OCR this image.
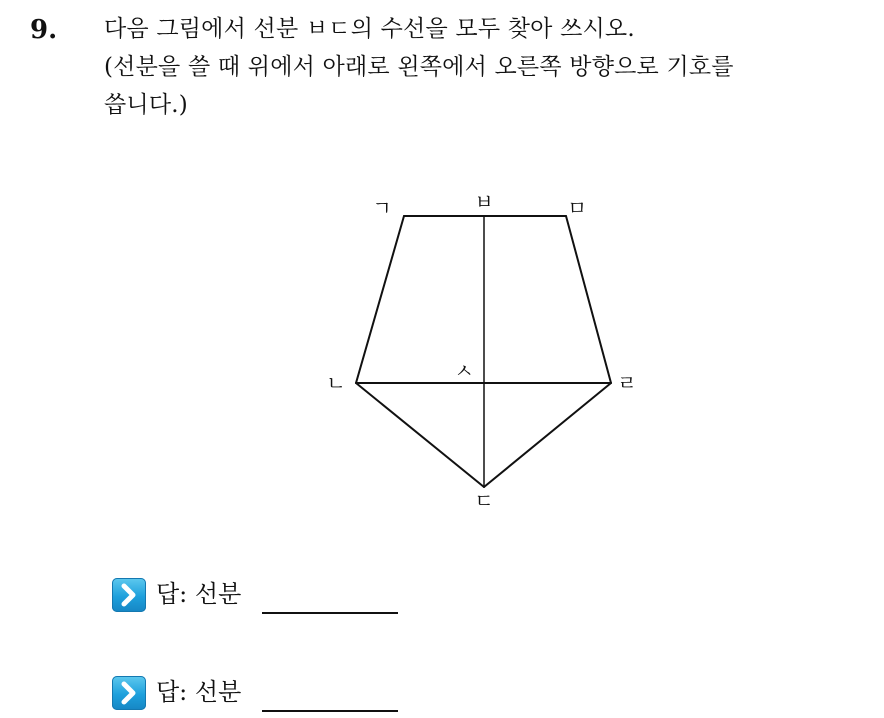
9. 다음 그림에서 선분 ㅂㄷ의 수선을 모두 찾아 쓰시오.
(선분을 쓸 때 위에서 아래로 왼쪽에서 오른쪽 방향으로 기호를
씁니다.)
ㄱ	ㅂ	ㅁ
ㄴ	ㅅ	ㄹ
ㄷ
답: 선분
답: 선분
